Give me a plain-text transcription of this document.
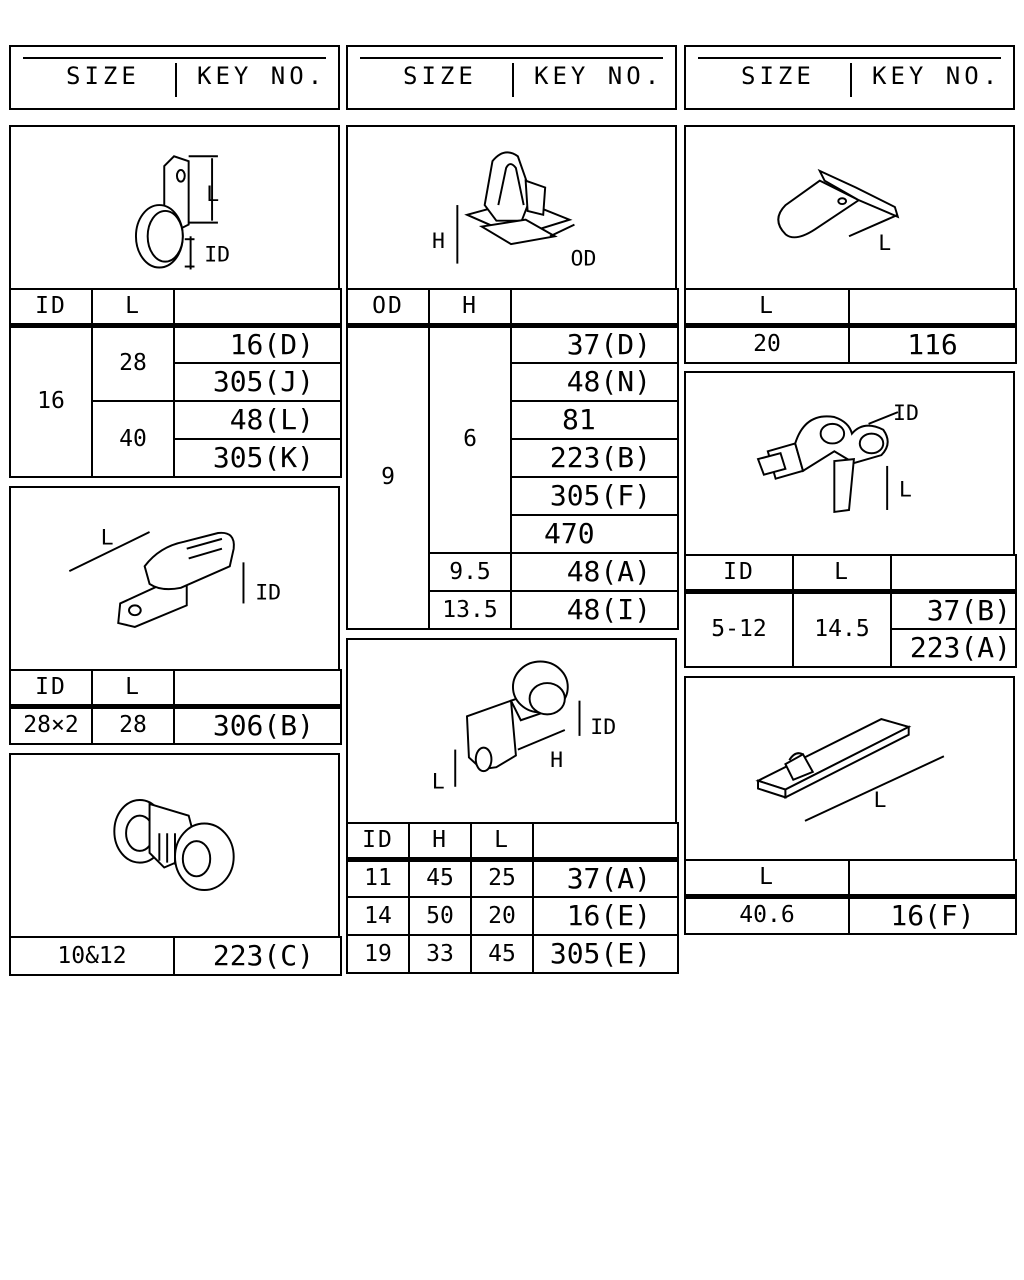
SIZE KEY NO.	SIZE KEY NO.	SIZE KEY NO.
L
ID
ID	L	
16	28	16(D)
		305(J)
	40	48(L)
		305(K)
L
ID
ID	L	
28×2	28	306(B)
10&12	223(C)
H
OD
OD	H	
9	6	37(D)
		48(N)
		81
		223(B)
		305(F)
		470
	9.5	48(A)
	13.5	48(I)
L
H
ID
ID	H	L	
11	45	25	37(A)
14	50	20	16(E)
19	33	45	305(E)
L
L	
20	116
ID
L
ID	L	
5-12	14.5	37(B)
		223(A)
L
L	
40.6	16(F)
